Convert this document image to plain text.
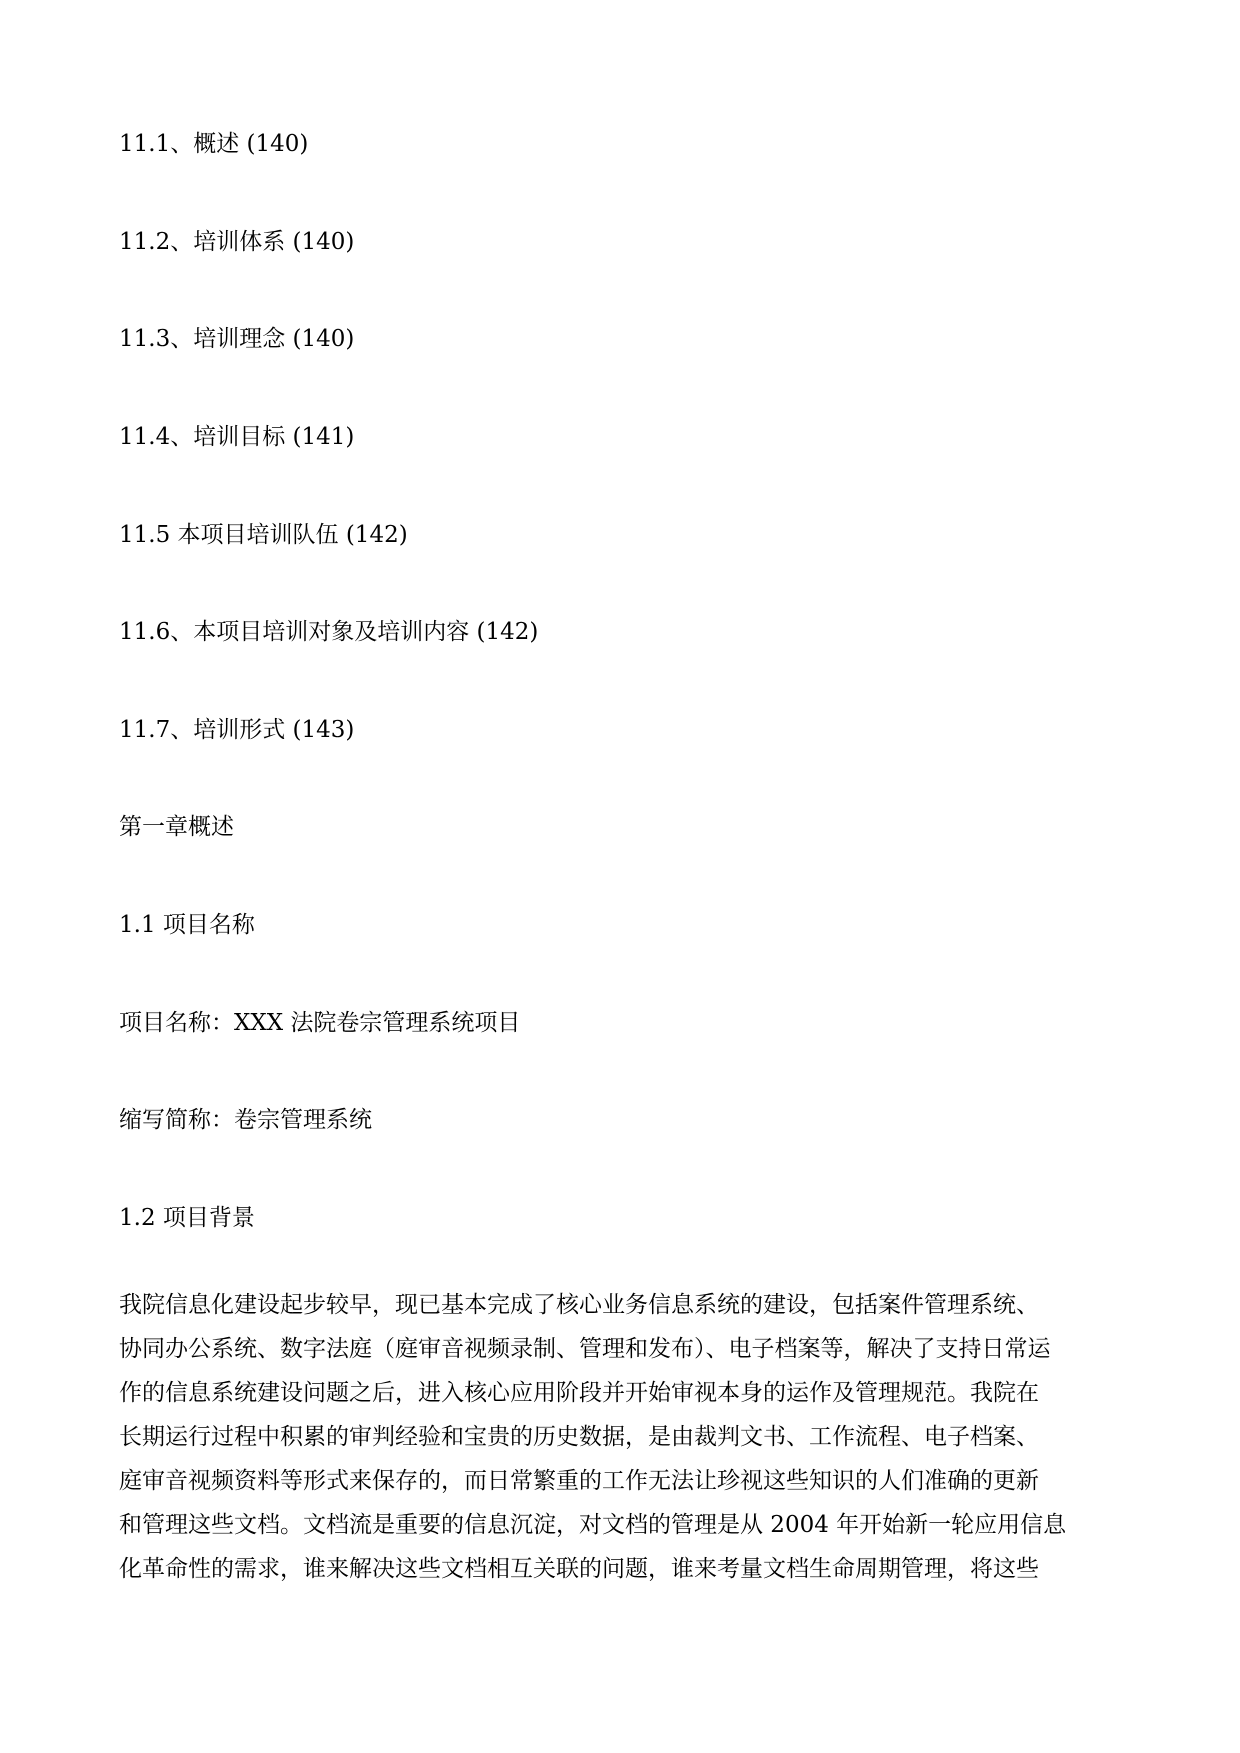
11.1、概述 (140)

11.2、培训体系 (140)

11.3、培训理念 (140)

11.4、培训目标 (141)

11.5 本项目培训队伍 (142)

11.6、本项目培训对象及培训内容 (142)

11.7、培训形式 (143)

第一章概述

1.1 项目名称

项目名称：XXX 法院卷宗管理系统项目

缩写简称：卷宗管理系统

1.2 项目背景

我院信息化建设起步较早，现已基本完成了核心业务信息系统的建设，包括案件管理系统、
协同办公系统、数字法庭（庭审音视频录制、管理和发布）、电子档案等，解决了支持日常运
作的信息系统建设问题之后，进入核心应用阶段并开始审视本身的运作及管理规范。我院在
长期运行过程中积累的审判经验和宝贵的历史数据，是由裁判文书、工作流程、电子档案、
庭审音视频资料等形式来保存的，而日常繁重的工作无法让珍视这些知识的人们准确的更新
和管理这些文档。文档流是重要的信息沉淀，对文档的管理是从 2004 年开始新一轮应用信息
化革命性的需求，谁来解决这些文档相互关联的问题，谁来考量文档生命周期管理，将这些
